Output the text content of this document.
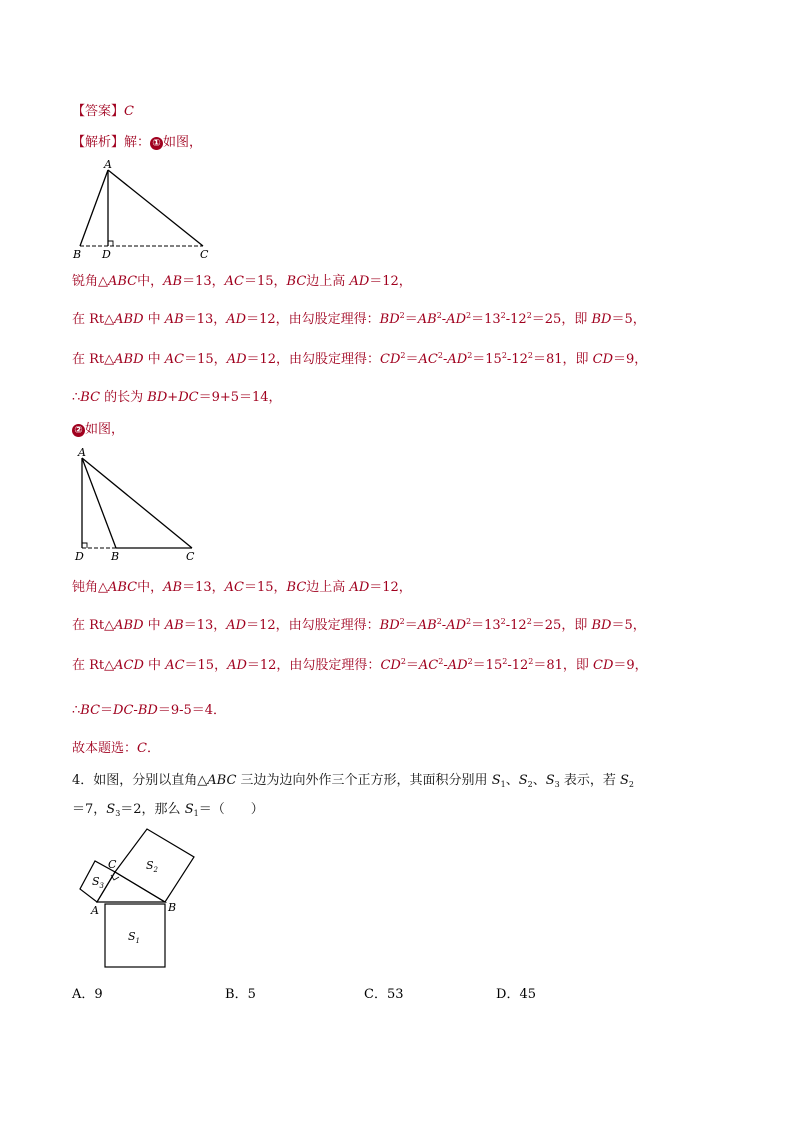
【答案】C
【解析】解： ① 如图，
A
B D	C
锐角△ABC中，AB＝13，AC＝15，BC边上高 AD＝12，
在 Rt△ABD 中 AB＝13，AD＝12，由勾股定理得：$BD^2=AB^2-AD^2=13^2-12^2=25$，即 BD＝5，
在 Rt△ABD 中 AC＝15，AD＝12，由勾股定理得：$CD^2=AC^2-AD^2=15^2-12^2=81$，即 CD＝9，
∴BC 的长为 BD+DC＝9+5＝14，
② 如图，
A
D B	C
钝角△ABC中，AB＝13，AC＝15，BC边上高 AD＝12，
在 Rt△ABD 中 AB＝13，AD＝12，由勾股定理得：$BD^2=AB^2-AD^2=13^2-12^2=25$，即 BD＝5，
在 Rt△ACD 中 AC＝15，AD＝12，由勾股定理得：$CD^2=AC^2-AD^2=15^2-12^2=81$，即 CD＝9，
∴BC＝DC-BD＝9-5＝4．
故本题选：C．
4．如图，分别以直角△ABC 三边为边向外作三个正方形，其面积分别用 $S_1$、$S_2$、$S_3$ 表示，若 $S_2$
＝7，$S_3=2$，那么 $S_1=$（　　）
C
A	B
$S_2$
$S_3$
$S_1$
A．9	B．5	C．53	D．45
